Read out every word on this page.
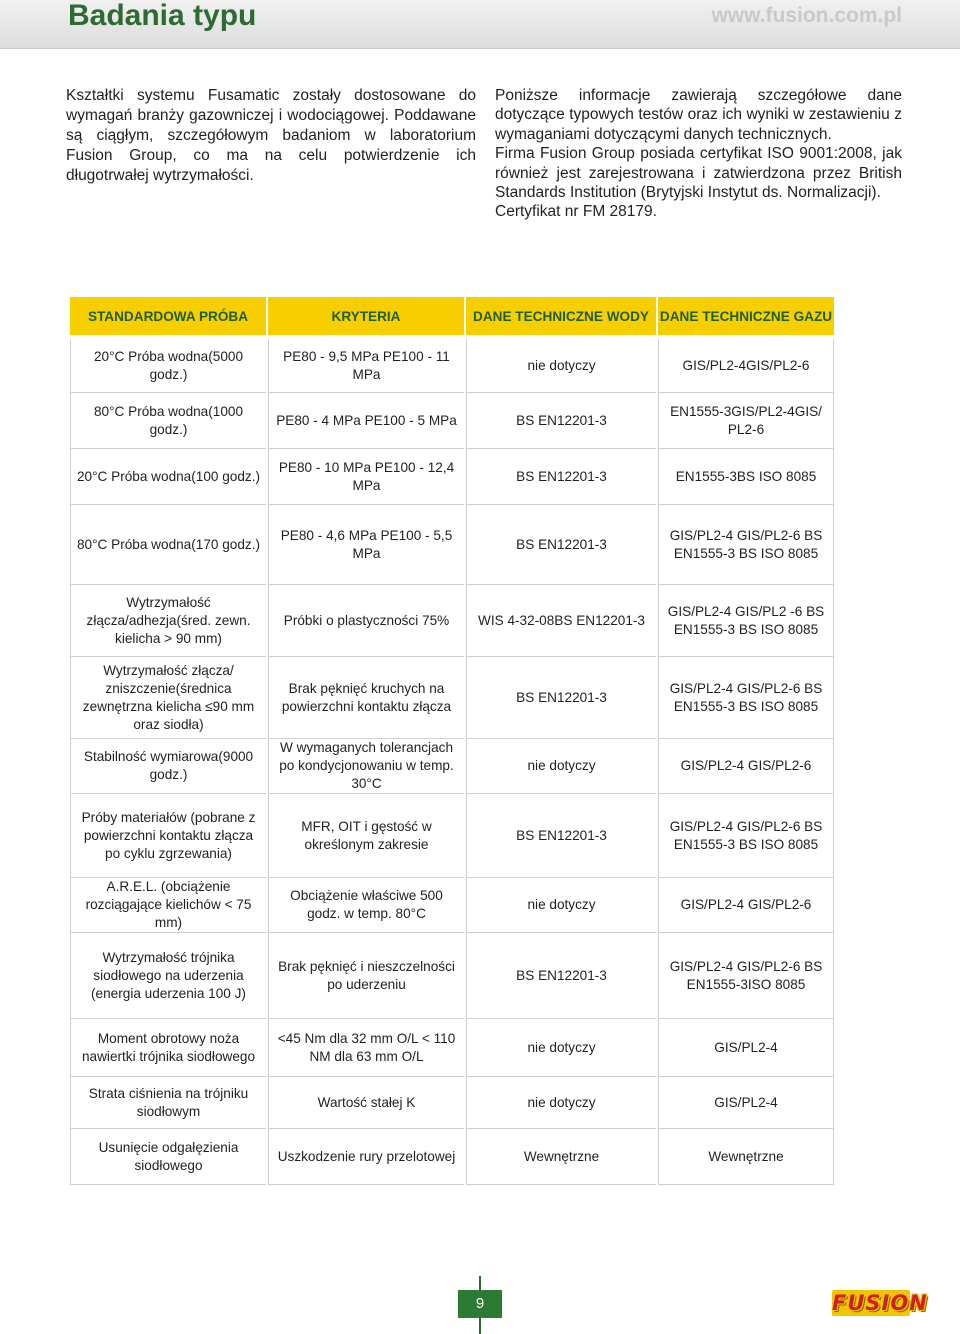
Badania typu	www.fusion.com.pl
Kształtki systemu Fusamatic zostały dostosowane do wymagań branży gazowniczej i wodociągowej. Poddawane są ciągłym, szczegółowym badaniom w laboratorium Fusion Group, co ma na celu potwierdzenie ich długotrwałej wytrzymałości.

Poniższe informacje zawierają szczegółowe dane dotyczące typowych testów oraz ich wyniki w zestawieniu z wymaganiami dotyczącymi danych technicznych.

Firma Fusion Group posiada certyfikat ISO 9001:2008, jak również jest zarejestrowana i zatwierdzona przez British Standards Institution (Brytyjski Instytut ds. Normalizacji).

Certyfikat nr FM 28179.

STANDARDOWA PRÓBA	KRYTERIA	DANE TECHNICZNE WODY	DANE TECHNICZNE GAZU
20°C Próba wodna(5000 godz.)	PE80 - 9,5 MPa PE100 - 11 MPa	nie dotyczy	GIS/PL2-4GIS/PL2-6
80°C Próba wodna(1000 godz.)	PE80 - 4 MPa PE100 - 5 MPa	BS EN12201-3	EN1555-3GIS/PL2-4GIS/ PL2-6
20°C Próba wodna(100 godz.)	PE80 - 10 MPa PE100 - 12,4 MPa	BS EN12201-3	EN1555-3BS ISO 8085
80°C Próba wodna(170 godz.)	PE80 - 4,6 MPa PE100 - 5,5 MPa	BS EN12201-3	GIS/PL2-4 GIS/PL2-6 BS EN1555-3 BS ISO 8085
Wytrzymałość złącza/adhezja(śred. zewn. kielicha > 90 mm)	Próbki o plastyczności 75%	WIS 4-32-08BS EN12201-3	GIS/PL2-4 GIS/PL2 -6 BS EN1555-3 BS ISO 8085
Wytrzymałość złącza/ zniszczenie(średnica zewnętrzna kielicha ≤90 mm oraz siodła)	Brak pęknięć kruchych na powierzchni kontaktu złącza	BS EN12201-3	GIS/PL2-4 GIS/PL2-6 BS EN1555-3 BS ISO 8085
Stabilność wymiarowa(9000 godz.)	W wymaganych tolerancjach po kondycjonowaniu w temp. 30°C	nie dotyczy	GIS/PL2-4 GIS/PL2-6
Próby materiałów (pobrane z powierzchni kontaktu złącza po cyklu zgrzewania)	MFR, OIT i gęstość w określonym zakresie	BS EN12201-3	GIS/PL2-4 GIS/PL2-6 BS EN1555-3 BS ISO 8085
A.R.E.L. (obciążenie rozciągające kielichów < 75 mm)	Obciążenie właściwe 500 godz. w temp. 80°C	nie dotyczy	GIS/PL2-4 GIS/PL2-6
Wytrzymałość trójnika siodłowego na uderzenia (energia uderzenia 100 J)	Brak pęknięć i nieszczelności po uderzeniu	BS EN12201-3	GIS/PL2-4 GIS/PL2-6 BS EN1555-3ISO 8085
Moment obrotowy noża nawiertki trójnika siodłowego	<45 Nm dla 32 mm O/L < 110 NM dla 63 mm O/L	nie dotyczy	GIS/PL2-4
Strata ciśnienia na trójniku siodłowym	Wartość stałej K	nie dotyczy	GIS/PL2-4
Usunięcie odgałęzienia siodłowego	Uszkodzenie rury przelotowej	Wewnętrzne	Wewnętrzne
9	FUSION
